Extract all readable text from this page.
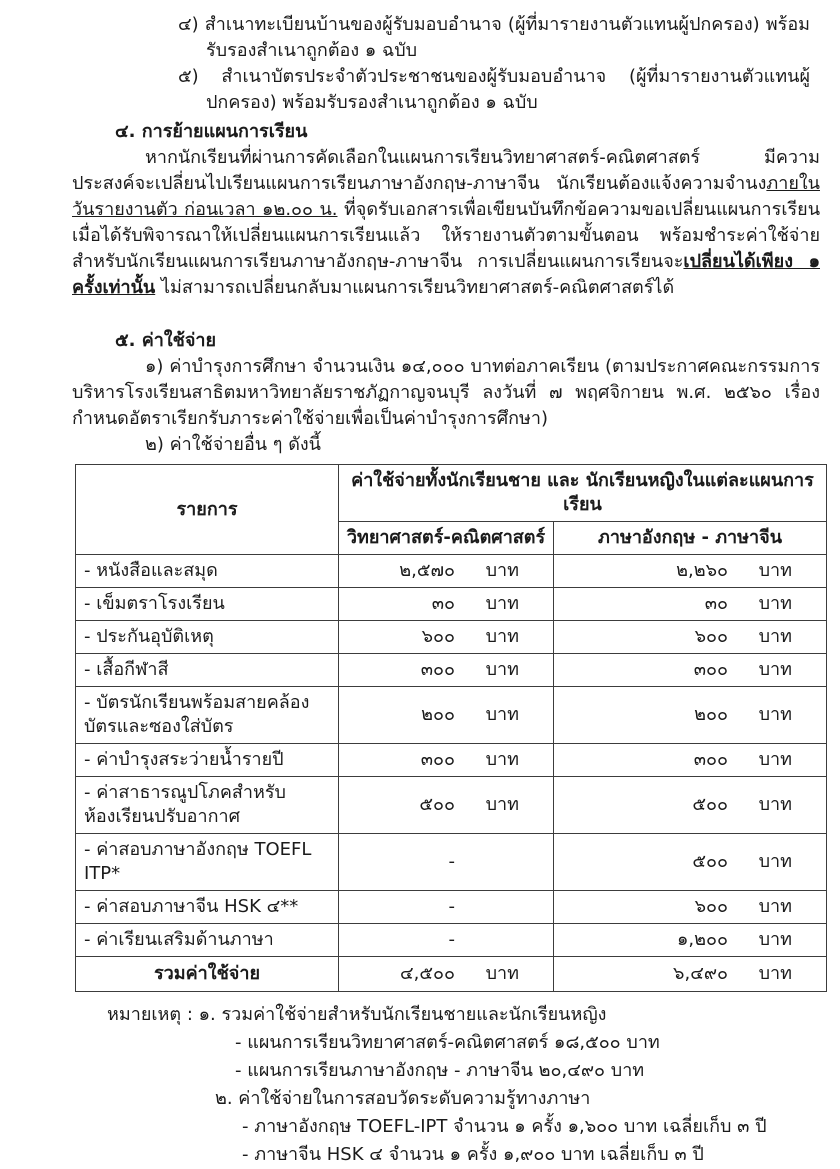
๔) สำเนาทะเบียนบ้านของผู้รับมอบอำนาจ (ผู้ที่มารายงานตัวแทนผู้ปกครอง) พร้อมรับรองสำเนาถูกต้อง ๑ ฉบับ
๕) สำเนาบัตรประจำตัวประชาชนของผู้รับมอบอำนาจ (ผู้ที่มารายงานตัวแทนผู้ปกครอง) พร้อมรับรองสำเนาถูกต้อง ๑ ฉบับ
๔. การย้ายแผนการเรียน
หากนักเรียนที่ผ่านการคัดเลือกในแผนการเรียนวิทยาศาสตร์-คณิตศาสตร์ มีความประสงค์จะเปลี่ยนไปเรียนแผนการเรียนภาษาอังกฤษ-ภาษาจีน นักเรียนต้องแจ้งความจำนงภายในวันรายงานตัว ก่อนเวลา ๑๒.๐๐ น. ที่จุดรับเอกสารเพื่อเขียนบันทึกข้อความขอเปลี่ยนแผนการเรียน เมื่อได้รับพิจารณาให้เปลี่ยนแผนการเรียนแล้ว ให้รายงานตัวตามขั้นตอน พร้อมชำระค่าใช้จ่ายสำหรับนักเรียนแผนการเรียนภาษาอังกฤษ-ภาษาจีน การเปลี่ยนแผนการเรียนจะเปลี่ยนได้เพียง ๑ ครั้งเท่านั้น ไม่สามารถเปลี่ยนกลับมาแผนการเรียนวิทยาศาสตร์-คณิตศาสตร์ได้
๕. ค่าใช้จ่าย
๑) ค่าบำรุงการศึกษา จำนวนเงิน ๑๔,๐๐๐ บาทต่อภาคเรียน (ตามประกาศคณะกรรมการบริหารโรงเรียนสาธิตมหาวิทยาลัยราชภัฏกาญจนบุรี ลงวันที่ ๗ พฤศจิกายน พ.ศ. ๒๕๖๐ เรื่อง กำหนดอัตราเรียกรับภาระค่าใช้จ่ายเพื่อเป็นค่าบำรุงการศึกษา)
๒) ค่าใช้จ่ายอื่น ๆ ดังนี้
รายการ	ค่าใช้จ่ายทั้งนักเรียนชาย และ นักเรียนหญิงในแต่ละแผนการเรียน	
	วิทยาศาสตร์-คณิตศาสตร์	ภาษาอังกฤษ - ภาษาจีน
- หนังสือและสมุด	๒,๕๗๐ บาท	๒,๒๖๐ บาท
- เข็มตราโรงเรียน	๓๐ บาท	๓๐ บาท
- ประกันอุบัติเหตุ	๖๐๐ บาท	๖๐๐ บาท
- เสื้อกีฬาสี	๓๐๐ บาท	๓๐๐ บาท
- บัตรนักเรียนพร้อมสายคล้องบัตรและซองใส่บัตร	๒๐๐ บาท	๒๐๐ บาท
- ค่าบำรุงสระว่ายน้ำรายปี	๓๐๐ บาท	๓๐๐ บาท
- ค่าสาธารณูปโภคสำหรับห้องเรียนปรับอากาศ	๕๐๐ บาท	๕๐๐ บาท
- ค่าสอบภาษาอังกฤษ TOEFL ITP*	-	๕๐๐ บาท
- ค่าสอบภาษาจีน HSK ๔**	-	๖๐๐ บาท
- ค่าเรียนเสริมด้านภาษา	-	๑,๒๐๐ บาท
รวมค่าใช้จ่าย	๔,๕๐๐ บาท	๖,๔๙๐ บาท
หมายเหตุ : ๑. รวมค่าใช้จ่ายสำหรับนักเรียนชายและนักเรียนหญิง
- แผนการเรียนวิทยาศาสตร์-คณิตศาสตร์ ๑๘,๕๐๐ บาท
- แผนการเรียนภาษาอังกฤษ - ภาษาจีน ๒๐,๔๙๐ บาท
๒. ค่าใช้จ่ายในการสอบวัดระดับความรู้ทางภาษา
- ภาษาอังกฤษ TOEFL-IPT จำนวน ๑ ครั้ง ๑,๖๐๐ บาท เฉลี่ยเก็บ ๓ ปี
- ภาษาจีน HSK ๔ จำนวน ๑ ครั้ง ๑,๙๐๐ บาท เฉลี่ยเก็บ ๓ ปี
